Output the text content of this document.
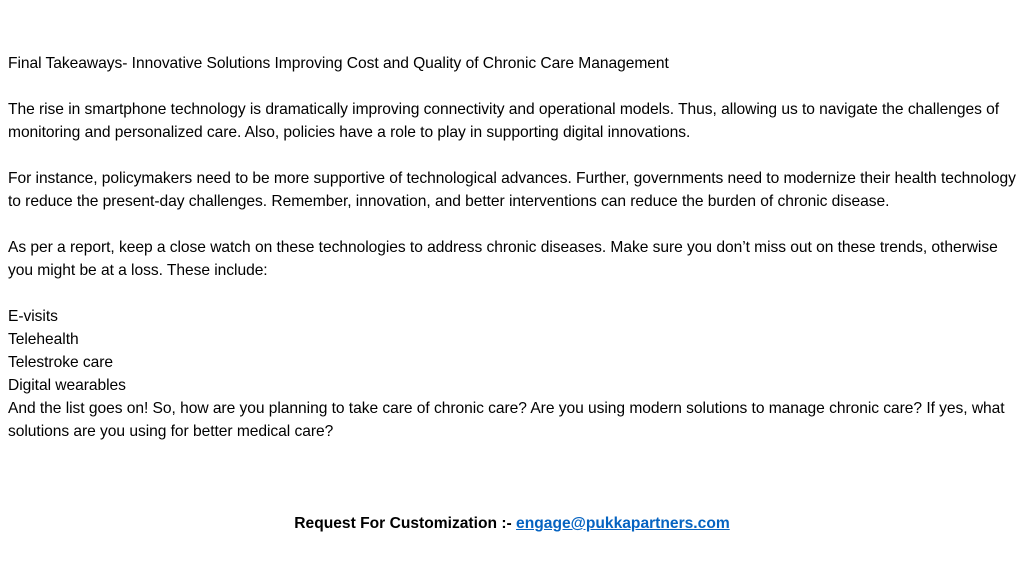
Final Takeaways- Innovative Solutions Improving Cost and Quality of Chronic Care Management

The rise in smartphone technology is dramatically improving connectivity and operational models. Thus, allowing us to navigate the challenges of monitoring and personalized care. Also, policies have a role to play in supporting digital innovations.

For instance, policymakers need to be more supportive of technological advances. Further, governments need to modernize their health technology to reduce the present-day challenges. Remember, innovation, and better interventions can reduce the burden of chronic disease.

As per a report, keep a close watch on these technologies to address chronic diseases. Make sure you don’t miss out on these trends, otherwise you might be at a loss. These include:

E-visits
Telehealth
Telestroke care
Digital wearables

And the list goes on! So, how are you planning to take care of chronic care? Are you using modern solutions to manage chronic care? If yes, what solutions are you using for better medical care?

Request For Customization :- engage@pukkapartners.com
